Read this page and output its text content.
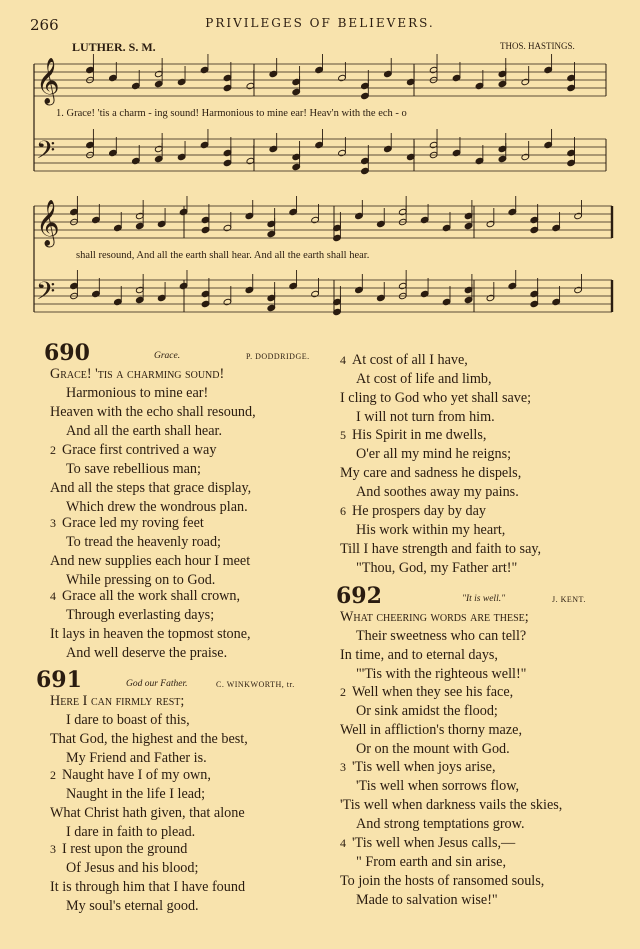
266	PRIVILEGES OF BELIEVERS.
LUTHER. S. M.	THOS. HASTINGS.
𝄞
𝄢
𝄞
𝄢
1. Grace! 'tis a charm - ing sound! Harmonious to mine ear! Heav'n with the ech - o
shall resound, And all the earth shall hear. And all the earth shall hear.
690	Grace.	P. DODDRIDGE.
Grace! 'tis a charming sound!
Harmonious to mine ear!
Heaven with the echo shall resound,
And all the earth shall hear.
2 Grace first contrived a way
To save rebellious man;
And all the steps that grace display,
Which drew the wondrous plan.
3 Grace led my roving feet
To tread the heavenly road;
And new supplies each hour I meet
While pressing on to God.
4 Grace all the work shall crown,
Through everlasting days;
It lays in heaven the topmost stone,
And well deserve the praise.
4 At cost of all I have,
At cost of life and limb,
I cling to God who yet shall save;
I will not turn from him.
5 His Spirit in me dwells,
O'er all my mind he reigns;
My care and sadness he dispels,
And soothes away my pains.
6 He prospers day by day
His work within my heart,
Till I have strength and faith to say,
"Thou, God, my Father art!"
691	God our Father.	C. WINKWORTH, tr.
Here I can firmly rest;
I dare to boast of this,
That God, the highest and the best,
My Friend and Father is.
2 Naught have I of my own,
Naught in the life I lead;
What Christ hath given, that alone
I dare in faith to plead.
3 I rest upon the ground
Of Jesus and his blood;
It is through him that I have found
My soul's eternal good.
692	"It is well."	J. KENT.
What cheering words are these;
Their sweetness who can tell?
In time, and to eternal days,
"'Tis with the righteous well!"
2 Well when they see his face,
Or sink amidst the flood;
Well in affliction's thorny maze,
Or on the mount with God.
3 'Tis well when joys arise,
'Tis well when sorrows flow,
'Tis well when darkness vails the skies,
And strong temptations grow.
4 'Tis well when Jesus calls,—
" From earth and sin arise,
To join the hosts of ransomed souls,
Made to salvation wise!"
